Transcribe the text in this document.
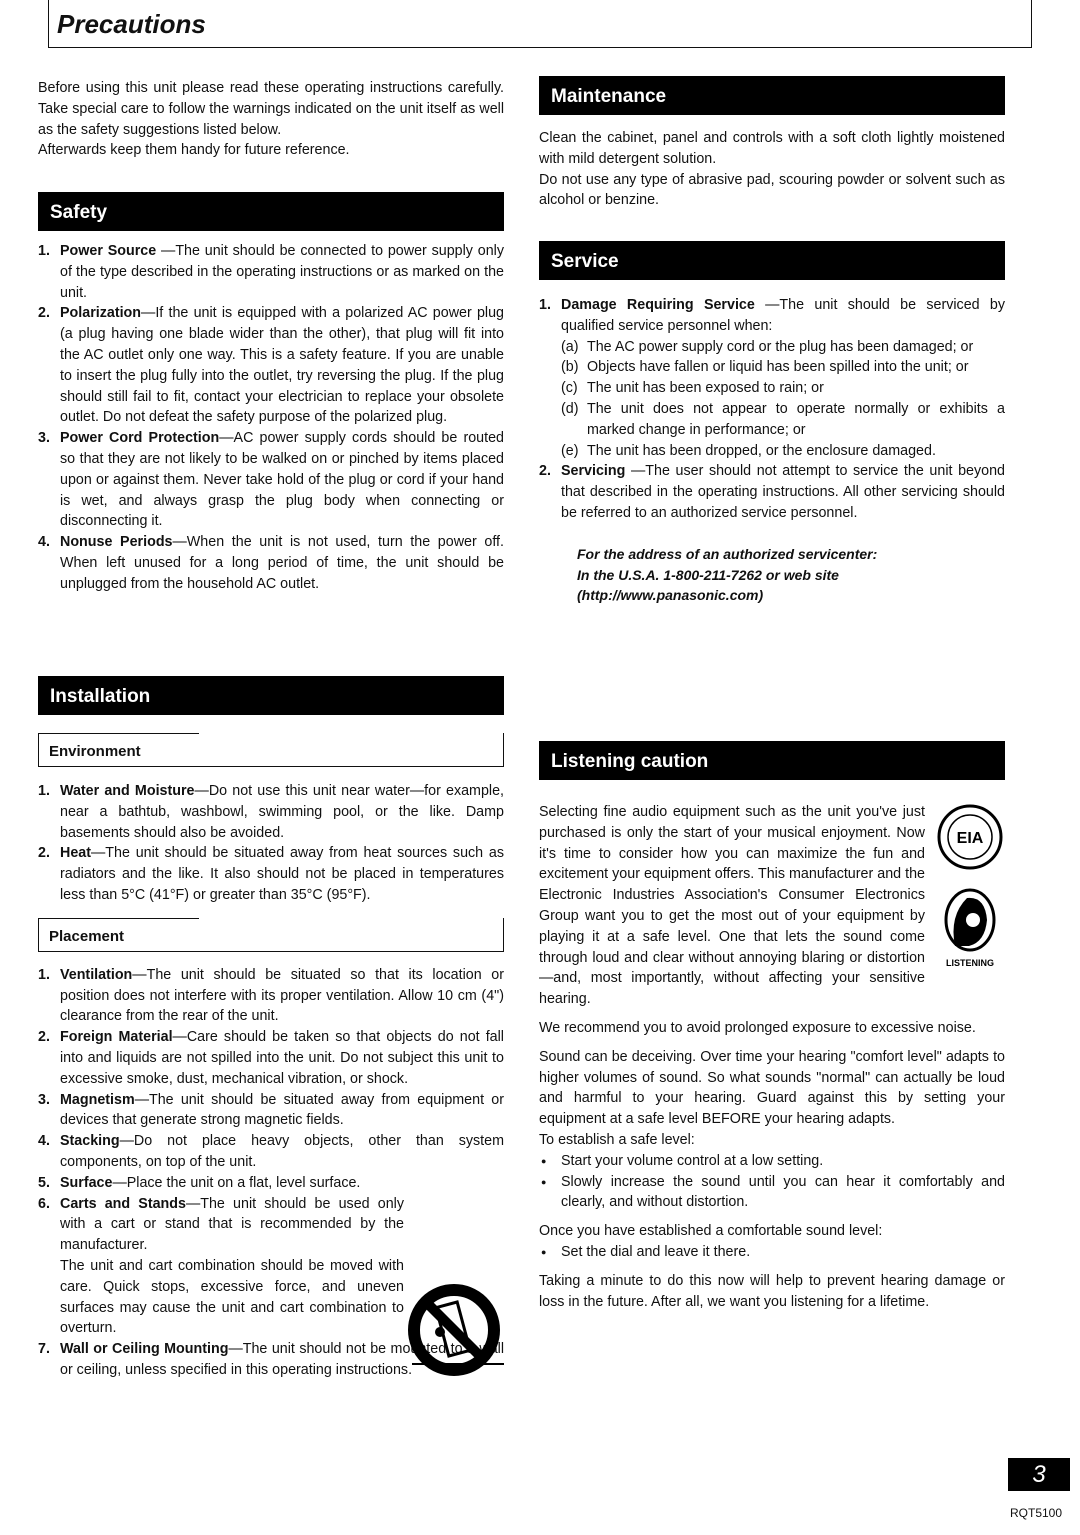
Precautions

Before using this unit please read these operating instructions carefully. Take special care to follow the warnings indicated on the unit itself as well as the safety suggestions listed below.

Afterwards keep them handy for future reference.

Safety
1. Power Source —The unit should be connected to power supply only of the type described in the operating instructions or as marked on the unit.
2. Polarization—If the unit is equipped with a polarized AC power plug (a plug having one blade wider than the other), that plug will fit into the AC outlet only one way. This is a safety feature. If you are unable to insert the plug fully into the outlet, try reversing the plug. If the plug should still fail to fit, contact your electrician to replace your obsolete outlet. Do not defeat the safety purpose of the polarized plug.
3. Power Cord Protection—AC power supply cords should be routed so that they are not likely to be walked on or pinched by items placed upon or against them. Never take hold of the plug or cord if your hand is wet, and always grasp the plug body when connecting or disconnecting it.
4. Nonuse Periods—When the unit is not used, turn the power off. When left unused for a long period of time, the unit should be unplugged from the household AC outlet.
Installation
Environment
1. Water and Moisture—Do not use this unit near water—for example, near a bathtub, washbowl, swimming pool, or the like. Damp basements should also be avoided.
2. Heat—The unit should be situated away from heat sources such as radiators and the like. It also should not be placed in temperatures less than 5°C (41°F) or greater than 35°C (95°F).
Placement
1. Ventilation—The unit should be situated so that its location or position does not interfere with its proper ventilation. Allow 10 cm (4") clearance from the rear of the unit.
2. Foreign Material—Care should be taken so that objects do not fall into and liquids are not spilled into the unit. Do not subject this unit to excessive smoke, dust, mechanical vibration, or shock.
3. Magnetism—The unit should be situated away from equipment or devices that generate strong magnetic fields.
4. Stacking—Do not place heavy objects, other than system components, on top of the unit.
5. Surface—Place the unit on a flat, level surface.
6. Carts and Stands—The unit should be used only with a cart or stand that is recommended by the manufacturer.
The unit and cart combination should be moved with care. Quick stops, excessive force, and uneven surfaces may cause the unit and cart combination to overturn.
7. Wall or Ceiling Mounting—The unit should not be mounted to a wall or ceiling, unless specified in this operating instructions.
Maintenance

Clean the cabinet, panel and controls with a soft cloth lightly moistened with mild detergent solution.

Do not use any type of abrasive pad, scouring powder or solvent such as alcohol or benzine.

Service
1. Damage Requiring Service —The unit should be serviced by qualified service personnel when:
(a) The AC power supply cord or the plug has been damaged; or
(b) Objects have fallen or liquid has been spilled into the unit; or
(c) The unit has been exposed to rain; or
(d) The unit does not appear to operate normally or exhibits a marked change in performance; or
(e) The unit has been dropped, or the enclosure damaged.
2. Servicing —The user should not attempt to service the unit beyond that described in the operating instructions. All other servicing should be referred to an authorized service personnel.
For the address of an authorized servicenter:
In the U.S.A. 1-800-211-7262 or web site
(http://www.panasonic.com)
Listening caution
EIA
LISTENING

Selecting fine audio equipment such as the unit you've just purchased is only the start of your musical enjoyment. Now it's time to consider how you can maximize the fun and excitement your equipment offers. This manufacturer and the Electronic Industries Association's Consumer Electronics Group want you to get the most out of your equipment by playing it at a safe level. One that lets the sound come through loud and clear without annoying blaring or distortion—and, most importantly, without affecting your sensitive hearing.

We recommend you to avoid prolonged exposure to excessive noise.

Sound can be deceiving. Over time your hearing "comfort level" adapts to higher volumes of sound. So what sounds "normal" can actually be loud and harmful to your hearing. Guard against this by setting your equipment at a safe level BEFORE your hearing adapts.

To establish a safe level:

● Start your volume control at a low setting.
● Slowly increase the sound until you can hear it comfortably and clearly, and without distortion.

Once you have established a comfortable sound level:

● Set the dial and leave it there.

Taking a minute to do this now will help to prevent hearing damage or loss in the future. After all, we want you listening for a lifetime.

3
RQT5100
